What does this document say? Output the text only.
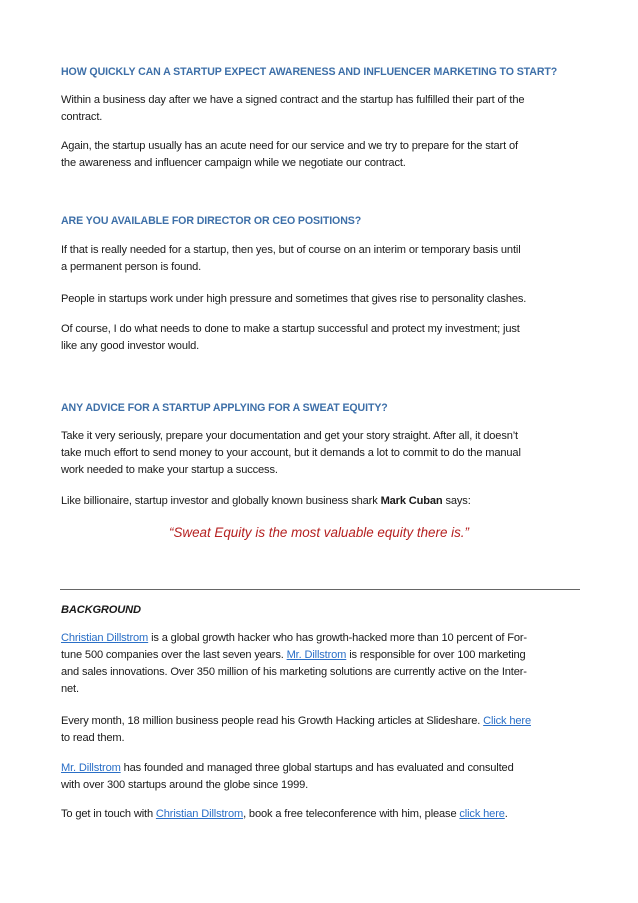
HOW QUICKLY CAN A STARTUP EXPECT AWARENESS AND INFLUENCER MARKETING TO START?

Within a business day after we have a signed contract and the startup has fulfilled their part of the
contract.

Again, the startup usually has an acute need for our service and we try to prepare for the start of
the awareness and influencer campaign while we negotiate our contract.

ARE YOU AVAILABLE FOR DIRECTOR OR CEO POSITIONS?

If that is really needed for a startup, then yes, but of course on an interim or temporary basis until
a permanent person is found.

People in startups work under high pressure and sometimes that gives rise to personality clashes.

Of course, I do what needs to done to make a startup successful and protect my investment; just
like any good investor would.

ANY ADVICE FOR A STARTUP APPLYING FOR A SWEAT EQUITY?

Take it very seriously, prepare your documentation and get your story straight. After all, it doesn’t
take much effort to send money to your account, but it demands a lot to commit to do the manual
work needed to make your startup a success.

Like billionaire, startup investor and globally known business shark Mark Cuban says:

“Sweat Equity is the most valuable equity there is.”

BACKGROUND

Christian Dillstrom is a global growth hacker who has growth-hacked more than 10 percent of For-
tune 500 companies over the last seven years. Mr. Dillstrom is responsible for over 100 marketing
and sales innovations. Over 350 million of his marketing solutions are currently active on the Inter-
net.

Every month, 18 million business people read his Growth Hacking articles at Slideshare. Click here
to read them.

Mr. Dillstrom has founded and managed three global startups and has evaluated and consulted
with over 300 startups around the globe since 1999.

To get in touch with Christian Dillstrom, book a free teleconference with him, please click here.
